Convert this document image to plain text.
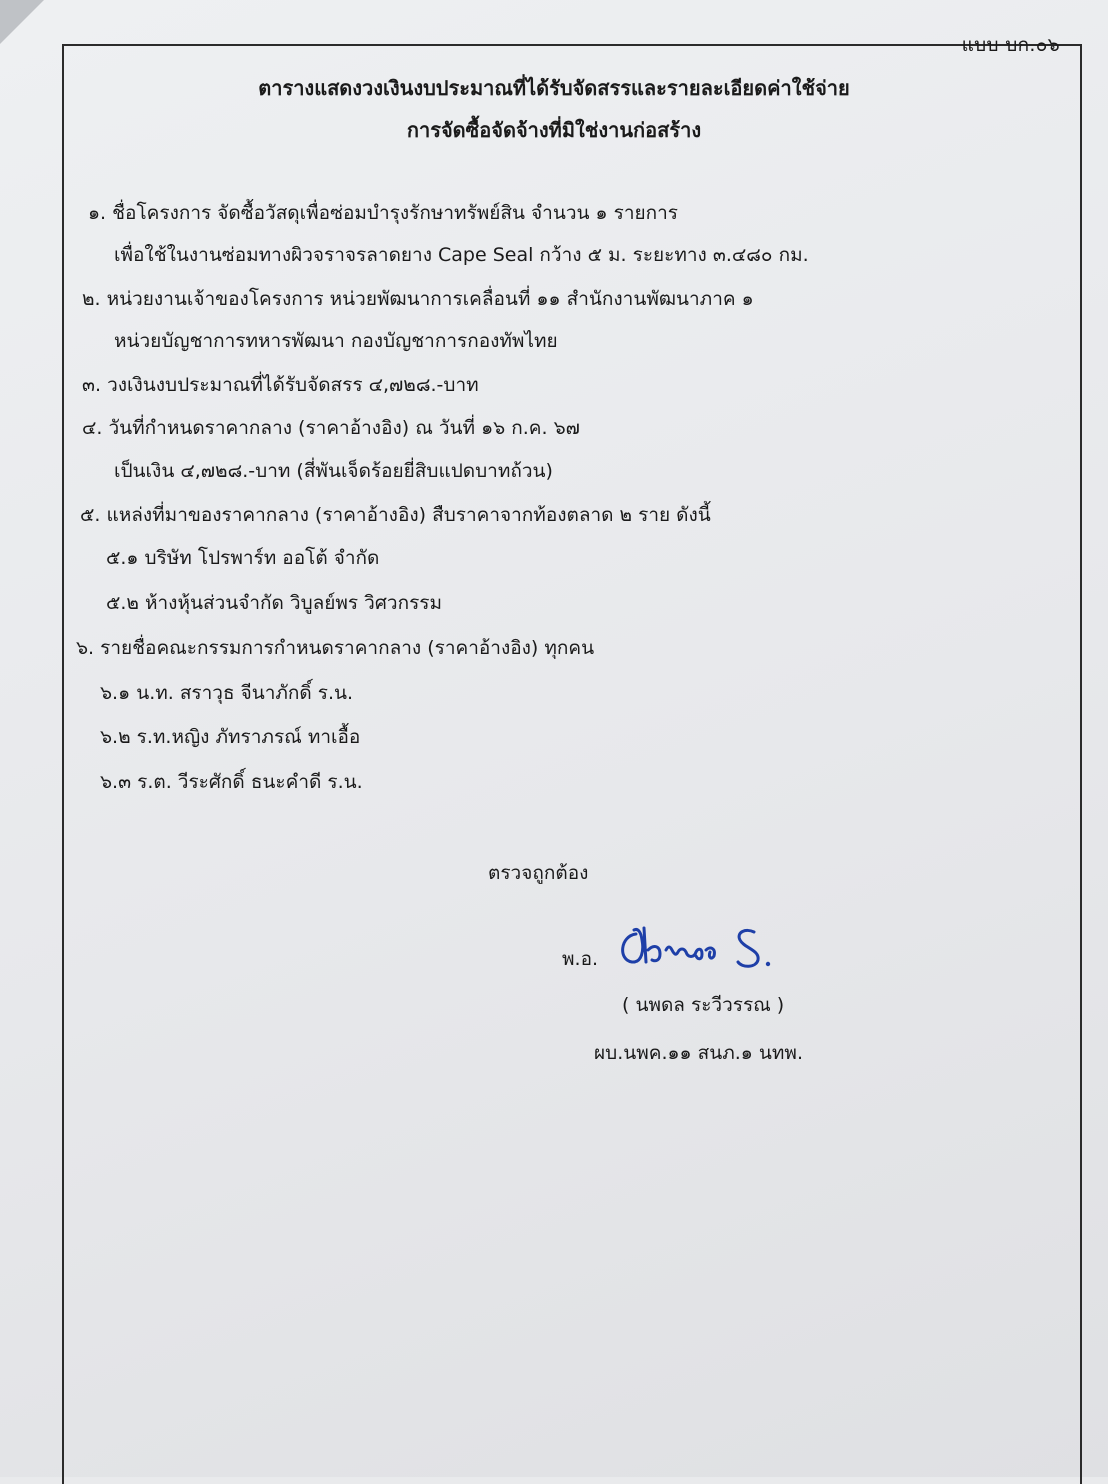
แบบ บก.๐๖
ตารางแสดงวงเงินงบประมาณที่ได้รับจัดสรรและรายละเอียดค่าใช้จ่าย
การจัดซื้อจัดจ้างที่มิใช่งานก่อสร้าง
๑. ชื่อโครงการ จัดซื้อวัสดุเพื่อซ่อมบำรุงรักษาทรัพย์สิน จำนวน ๑ รายการ
เพื่อใช้ในงานซ่อมทางผิวจราจรลาดยาง Cape Seal กว้าง ๕ ม. ระยะทาง ๓.๔๘๐ กม.
๒. หน่วยงานเจ้าของโครงการ หน่วยพัฒนาการเคลื่อนที่ ๑๑ สำนักงานพัฒนาภาค ๑
หน่วยบัญชาการทหารพัฒนา กองบัญชาการกองทัพไทย
๓. วงเงินงบประมาณที่ได้รับจัดสรร ๔,๗๒๘.-บาท
๔. วันที่กำหนดราคากลาง (ราคาอ้างอิง) ณ วันที่ ๑๖ ก.ค. ๖๗
เป็นเงิน ๔,๗๒๘.-บาท (สี่พันเจ็ดร้อยยี่สิบแปดบาทถ้วน)
๕. แหล่งที่มาของราคากลาง (ราคาอ้างอิง) สืบราคาจากท้องตลาด ๒ ราย ดังนี้
๕.๑ บริษัท โปรพาร์ท ออโต้ จำกัด
๕.๒ ห้างหุ้นส่วนจำกัด วิบูลย์พร วิศวกรรม
๖. รายชื่อคณะกรรมการกำหนดราคากลาง (ราคาอ้างอิง) ทุกคน
๖.๑ น.ท. สราวุธ จีนาภักดิ์ ร.น.
๖.๒ ร.ท.หญิง ภัทราภรณ์ ทาเอื้อ
๖.๓ ร.ต. วีระศักดิ์ ธนะคำดี ร.น.
ตรวจถูกต้อง
พ.อ.
( นพดล ระวีวรรณ )
ผบ.นพค.๑๑ สนภ.๑ นทพ.
